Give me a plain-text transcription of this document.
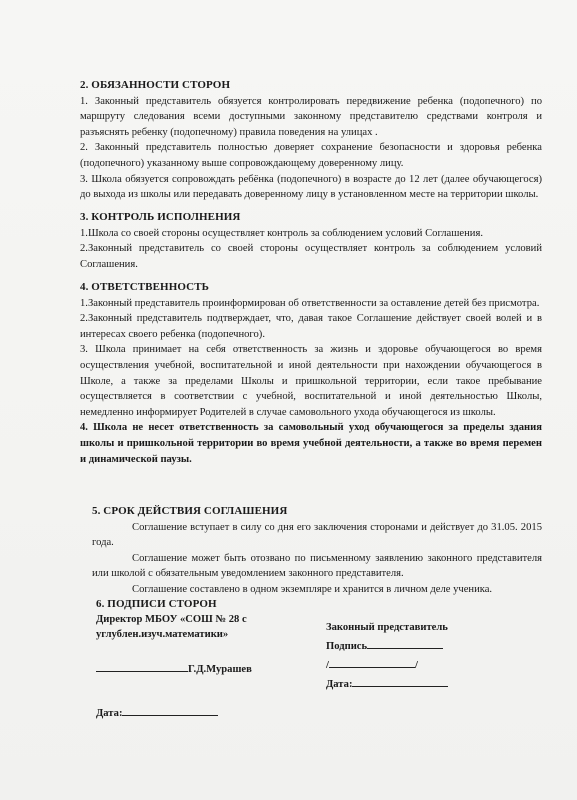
2. ОБЯЗАННОСТИ СТОРОН

1. Законный представитель обязуется контролировать передвижение ребенка (подопечного) по маршруту следования всеми доступными законному представителю средствами контроля и разъяснять ребенку (подопечному) правила поведения на улицах .

2. Законный представитель полностью доверяет сохранение безопасности и здоровья ребенка (подопечного) указанному выше сопровождающему доверенному лицу.

3. Школа обязуется сопровождать ребёнка (подопечного) в возрасте до 12 лет (далее обучающегося) до выхода из школы или передавать доверенному лицу в установленном месте на территории школы.

3. КОНТРОЛЬ ИСПОЛНЕНИЯ

1.Школа со своей стороны осуществляет контроль за соблюдением условий Соглашения.

2.Законный представитель со своей стороны осуществляет контроль за соблюдением условий Соглашения.

4. ОТВЕТСТВЕННОСТЬ

1.Законный представитель проинформирован об ответственности за оставление детей без присмотра.

2.Законный представитель подтверждает, что, давая такое Соглашение действует своей волей и в интересах своего ребенка (подопечного).

3. Школа принимает на себя ответственность за жизнь и здоровье обучающегося во время осуществления учебной, воспитательной и иной деятельности при нахождении обучающегося в Школе, а также за пределами Школы и пришкольной территории, если такое пребывание осуществляется в соответствии с учебной, воспитательной и иной деятельностью Школы, немедленно информирует Родителей в случае самовольного ухода обучающегося из школы.

4. Школа не несет ответственность за самовольный уход обучающегося за пределы здания школы и пришкольной территории во время учебной деятельности, а также во время перемен и динамической паузы.

5. СРОК ДЕЙСТВИЯ СОГЛАШЕНИЯ

Соглашение вступает в силу со дня его заключения сторонами и действует до 31.05. 2015 года.

Соглашение может быть отозвано по письменному заявлению законного представителя или школой с обязательным уведомлением законного представителя.

Соглашение составлено в одном экземпляре и хранится в личном деле ученика.

6. ПОДПИСИ СТОРОН
Директор МБОУ «СОШ № 28 с
углублен.изуч.математики»
Г.Д.Мурашев
Законный представитель
Подпись
/	/
Дата:
Дата:
